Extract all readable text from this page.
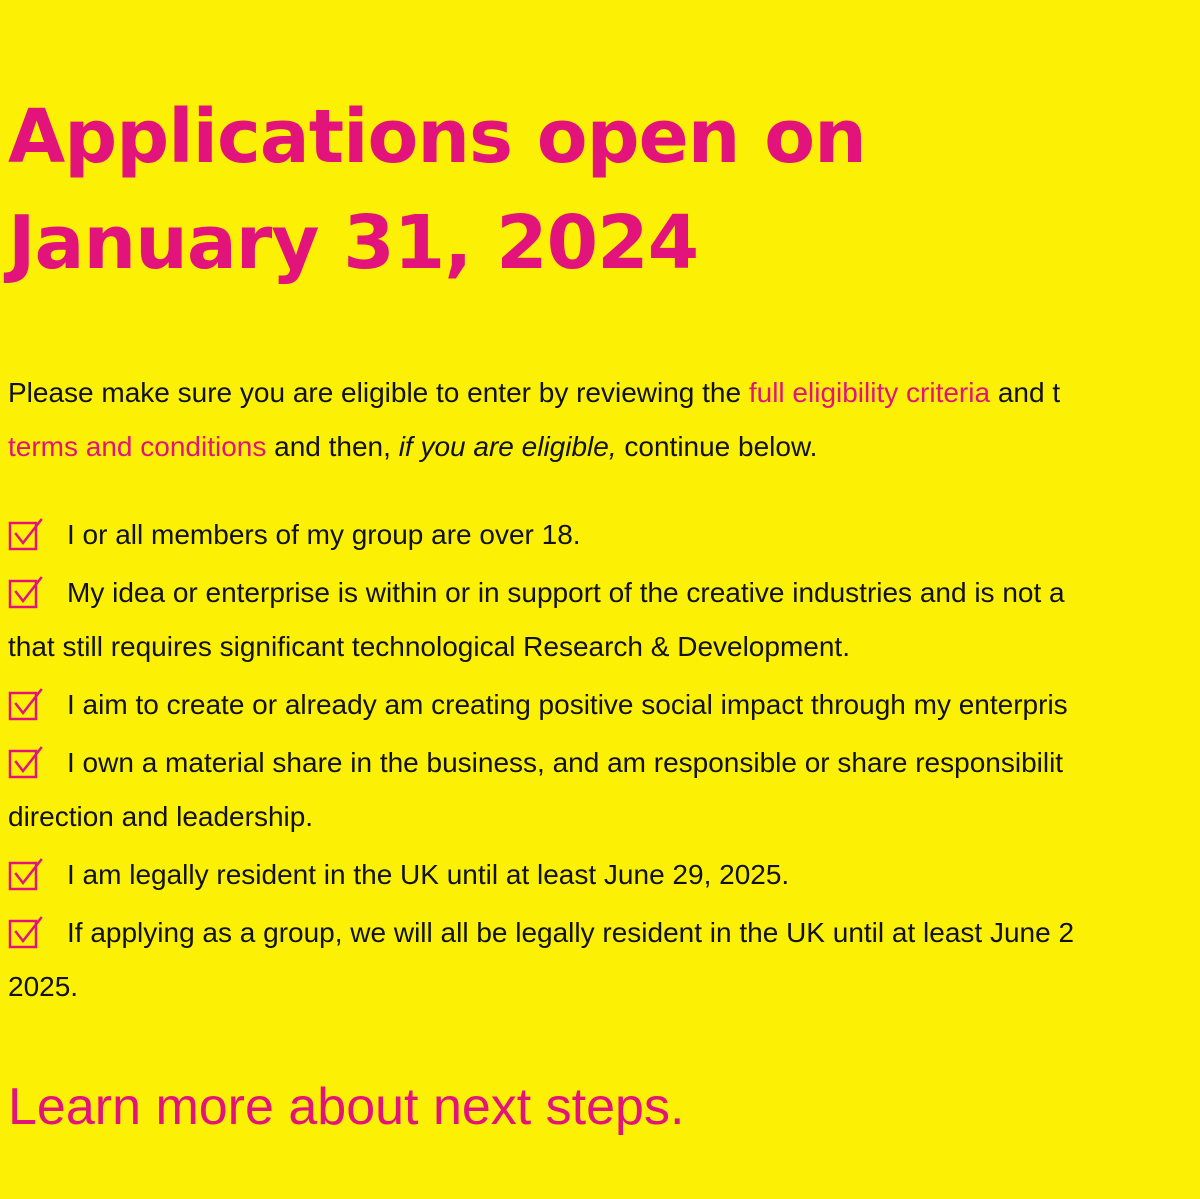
Applications open on
January 31, 2024

Please make sure you are eligible to enter by reviewing the full eligibility criteria and t
terms and conditions and then, if you are eligible, continue below.

I or all members of my group are over 18.
My idea or enterprise is within or in support of the creative industries and is not a
that still requires significant technological Research & Development.
I aim to create or already am creating positive social impact through my enterpris
I own a material share in the business, and am responsible or share responsibilit
direction and leadership.
I am legally resident in the UK until at least June 29, 2025.
If applying as a group, we will all be legally resident in the UK until at least June 2
2025.
Learn more about next steps.
